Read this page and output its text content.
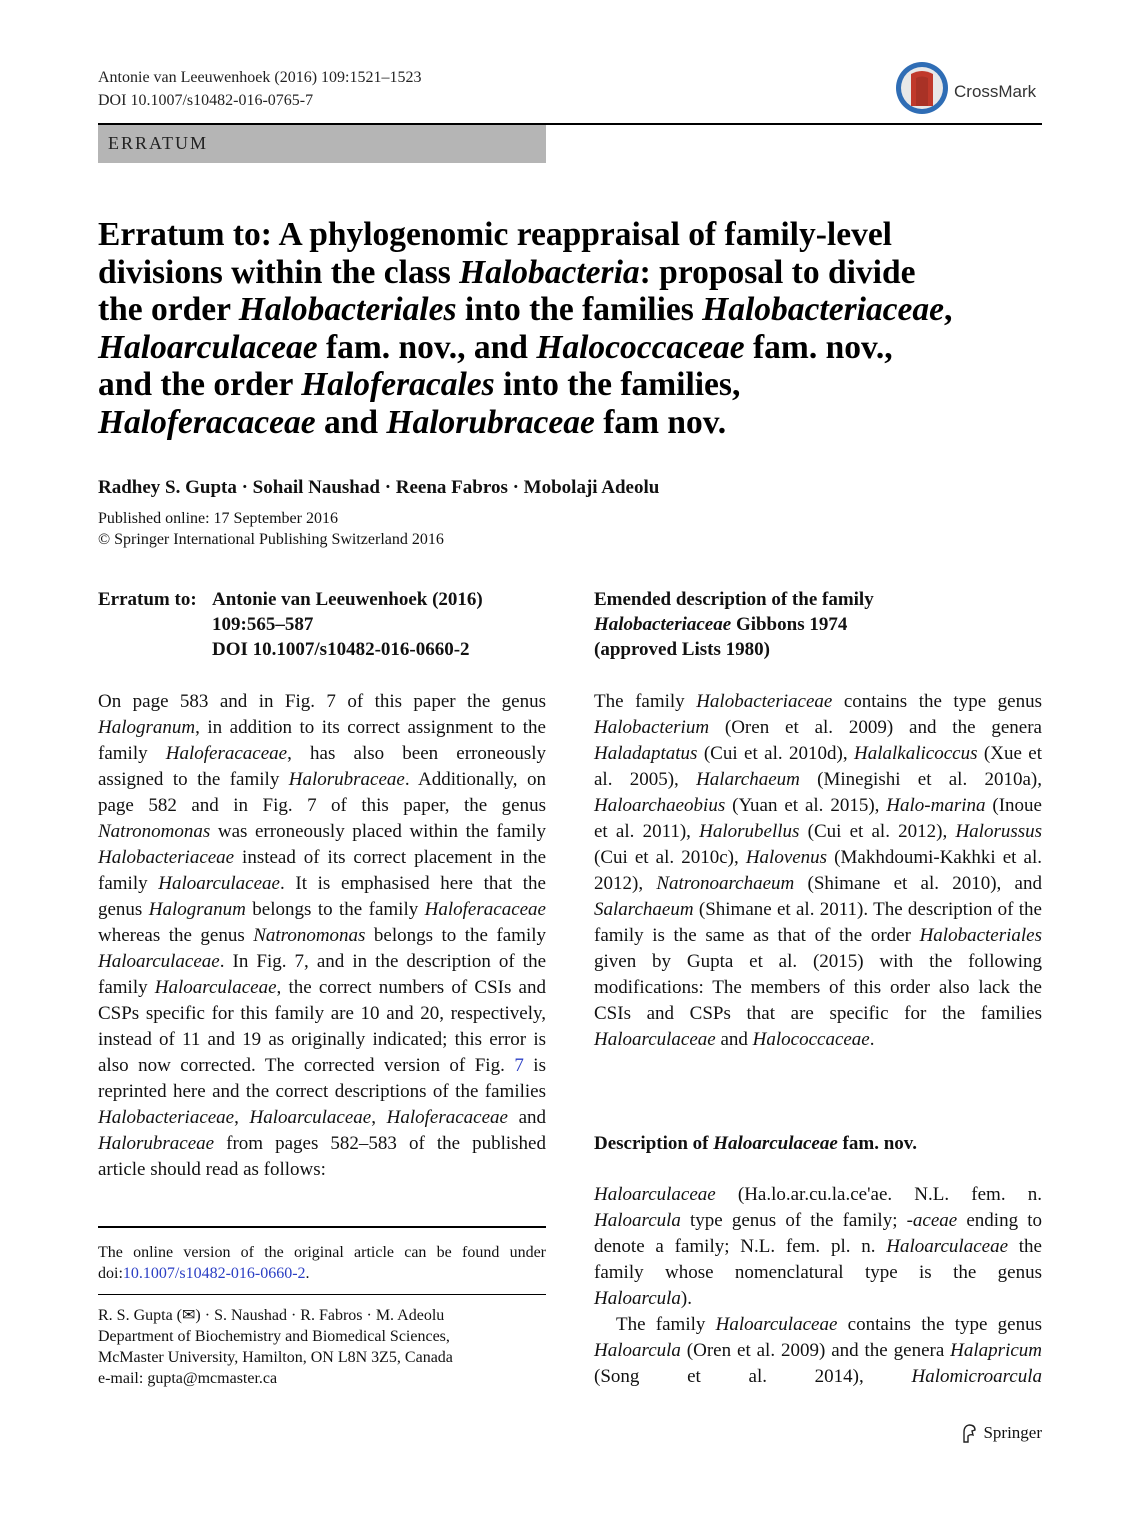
Antonie van Leeuwenhoek (2016) 109:1521–1523
DOI 10.1007/s10482-016-0765-7	CrossMark
ERRATUM
Erratum to: A phylogenomic reappraisal of family-level
divisions within the class Halobacteria: proposal to divide
the order Halobacteriales into the families Halobacteriaceae,
Haloarculaceae fam. nov., and Halococcaceae fam. nov.,
and the order Haloferacales into the families,
Haloferacaceae and Halorubraceae fam nov.
Radhey S. Gupta · Sohail Naushad · Reena Fabros · Mobolaji Adeolu
Published online: 17 September 2016
© Springer International Publishing Switzerland 2016
Erratum to: Antonie van Leeuwenhoek (2016)
109:565–587
DOI 10.1007/s10482-016-0660-2

On page 583 and in Fig. 7 of this paper the genus Halogranum, in addition to its correct assignment to the family Haloferacaceae, has also been erroneously assigned to the family Halorubraceae. Additionally, on page 582 and in Fig. 7 of this paper, the genus Natronomonas was erroneously placed within the family Halobacteriaceae instead of its correct placement in the family Haloarculaceae. It is emphasised here that the genus Halogranum belongs to the family Haloferacaceae whereas the genus Natronomonas belongs to the family Haloarculaceae. In Fig. 7, and in the description of the family Haloarculaceae, the correct numbers of CSIs and CSPs specific for this family are 10 and 20, respectively, instead of 11 and 19 as originally indicated; this error is also now corrected. The corrected version of Fig. 7 is reprinted here and the correct descriptions of the families Halobacteriaceae, Haloarculaceae, Haloferacaceae and Halorubraceae from pages 582–583 of the published article should read as follows:

The online version of the original article can be found under doi:10.1007/s10482-016-0660-2.
R. S. Gupta (✉) · S. Naushad · R. Fabros · M. Adeolu
Department of Biochemistry and Biomedical Sciences,
McMaster University, Hamilton, ON L8N 3Z5, Canada
e-mail: gupta@mcmaster.ca
Emended description of the family
Halobacteriaceae Gibbons 1974
(approved Lists 1980)

The family Halobacteriaceae contains the type genus Halobacterium (Oren et al. 2009) and the genera Haladaptatus (Cui et al. 2010d), Halalkalicoccus (Xue et al. 2005), Halarchaeum (Minegishi et al. 2010a), Haloarchaeobius (Yuan et al. 2015), Halo-marina (Inoue et al. 2011), Halorubellus (Cui et al. 2012), Halorussus (Cui et al. 2010c), Halovenus (Makhdoumi-Kakhki et al. 2012), Natronoarchaeum (Shimane et al. 2010), and Salarchaeum (Shimane et al. 2011). The description of the family is the same as that of the order Halobacteriales given by Gupta et al. (2015) with the following modifications: The members of this order also lack the CSIs and CSPs that are specific for the families Haloarculaceae and Halococcaceae.

Description of Haloarculaceae fam. nov.

Haloarculaceae (Ha.lo.ar.cu.la.ce'ae. N.L. fem. n. Haloarcula type genus of the family; -aceae ending to denote a family; N.L. fem. pl. n. Haloarculaceae the family whose nomenclatural type is the genus Haloarcula).

The family Haloarculaceae contains the type genus Haloarcula (Oren et al. 2009) and the genera Halapricum (Song et al. 2014), Halomicroarcula

Springer
